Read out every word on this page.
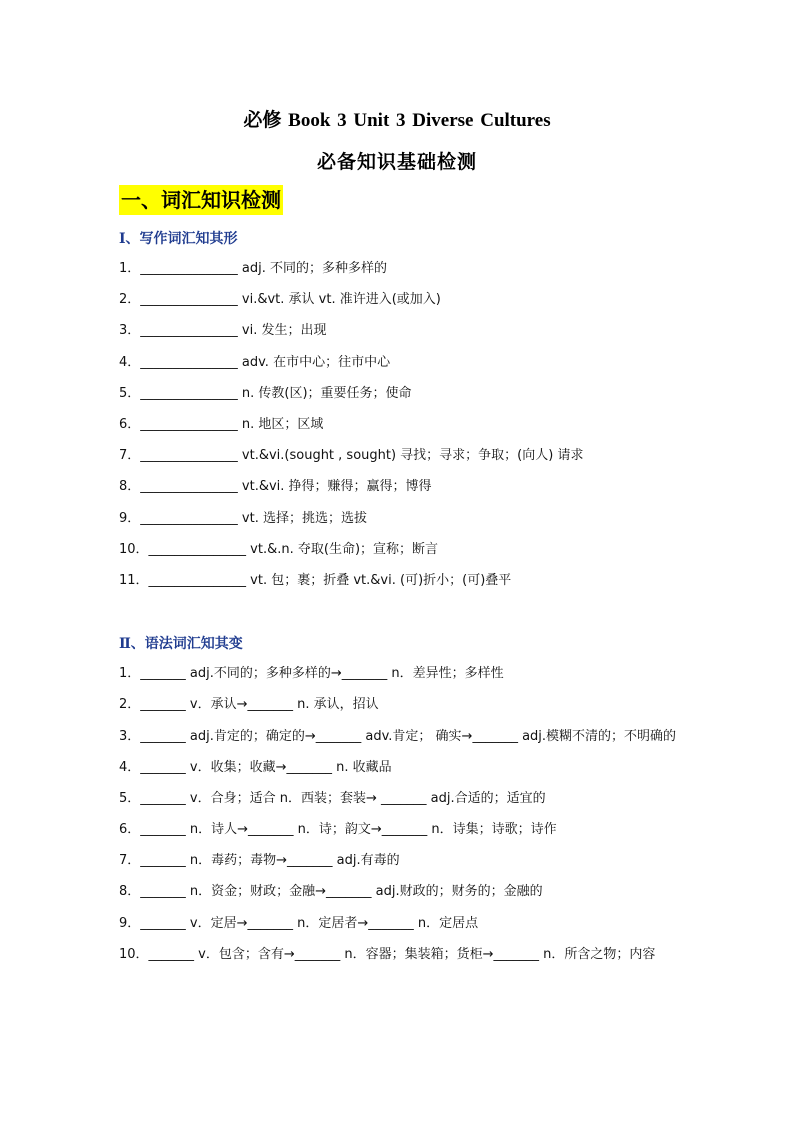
必修 Book 3 Unit 3 Diverse Cultures
必备知识基础检测
一、词汇知识检测
Ⅰ、写作词汇知其形
1．_______________ adj. 不同的；多种多样的
2．_______________ vi.&vt. 承认 vt. 准许进入(或加入)
3．_______________ vi. 发生；出现
4．_______________ adv. 在市中心；往市中心
5．_______________ n. 传教(区)；重要任务；使命
6．_______________ n. 地区；区域
7．_______________ vt.&vi.(sought , sought) 寻找；寻求；争取；(向人) 请求
8．_______________ vt.&vi. 挣得；赚得；赢得；博得
9．_______________ vt. 选择；挑选；选拔
10．_______________ vt.&.n. 夺取(生命)；宣称；断言
11．_______________ vt. 包；裹；折叠 vt.&vi. (可)折小；(可)叠平
Ⅱ、语法词汇知其变
1．_______ adj.不同的；多种多样的→_______ n．差异性；多样性
2．_______ v．承认→_______ n. 承认，招认
3．_______ adj.肯定的；确定的→_______ adv.肯定； 确实→_______ adj.模糊不清的；不明确的
4．_______ v．收集；收藏→_______ n. 收藏品
5．_______ v．合身；适合 n．西装；套装→ _______ adj.合适的；适宜的
6．_______ n．诗人→_______ n．诗；韵文→_______ n．诗集；诗歌；诗作
7．_______ n．毒药；毒物→_______ adj.有毒的
8．_______ n．资金；财政；金融→_______ adj.财政的；财务的；金融的
9．_______ v．定居→_______ n．定居者→_______ n．定居点
10．_______ v．包含；含有→_______ n．容器；集装箱；货柜→_______ n．所含之物；内容
